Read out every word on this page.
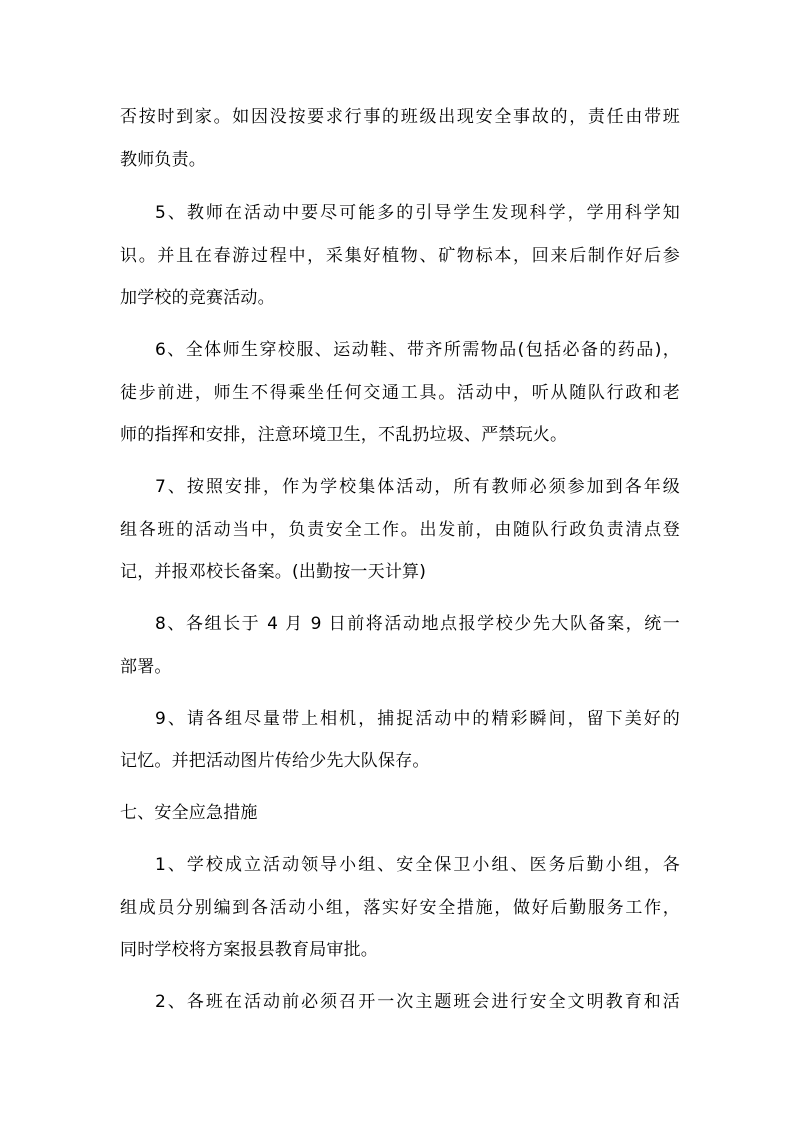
否按时到家。如因没按要求行事的班级出现安全事故的，责任由带班
教师负责。
5、教师在活动中要尽可能多的引导学生发现科学，学用科学知
识。并且在春游过程中，采集好植物、矿物标本，回来后制作好后参
加学校的竞赛活动。
6、全体师生穿校服、运动鞋、带齐所需物品(包括必备的药品)，
徒步前进，师生不得乘坐任何交通工具。活动中，听从随队行政和老
师的指挥和安排，注意环境卫生，不乱扔垃圾、严禁玩火。
7、按照安排，作为学校集体活动，所有教师必须参加到各年级
组各班的活动当中，负责安全工作。出发前，由随队行政负责清点登
记，并报邓校长备案。(出勤按一天计算)
8、各组长于 4 月 9 日前将活动地点报学校少先大队备案，统一
部署。
9、请各组尽量带上相机，捕捉活动中的精彩瞬间，留下美好的
记忆。并把活动图片传给少先大队保存。
七、安全应急措施
1、学校成立活动领导小组、安全保卫小组、医务后勤小组，各
组成员分别编到各活动小组，落实好安全措施，做好后勤服务工作，
同时学校将方案报县教育局审批。
2、各班在活动前必须召开一次主题班会进行安全文明教育和活
